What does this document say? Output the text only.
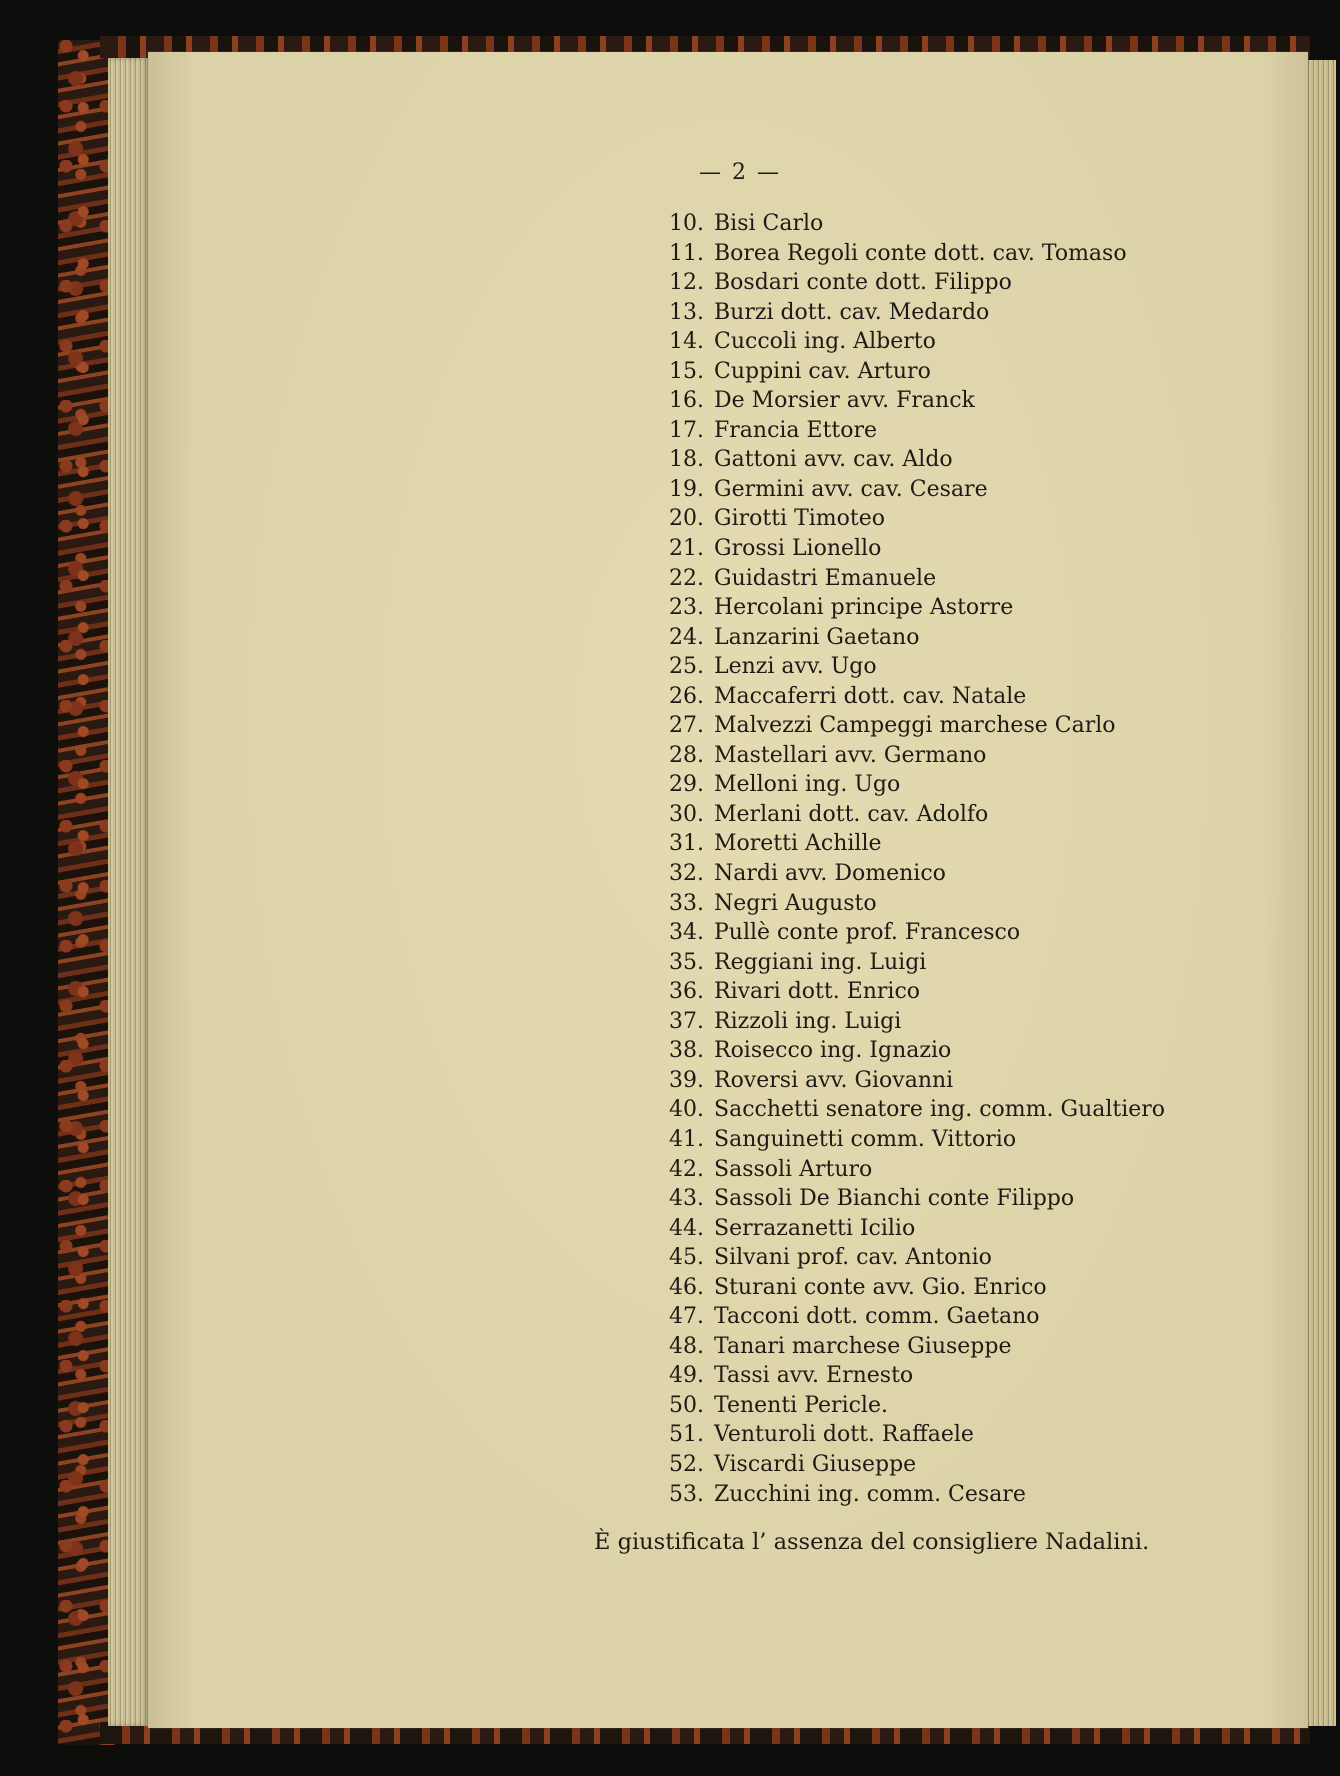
— 2 —
10. Bisi Carlo
11. Borea Regoli conte dott. cav. Tomaso
12. Bosdari conte dott. Filippo
13. Burzi dott. cav. Medardo
14. Cuccoli ing. Alberto
15. Cuppini cav. Arturo
16. De Morsier avv. Franck
17. Francia Ettore
18. Gattoni avv. cav. Aldo
19. Germini avv. cav. Cesare
20. Girotti Timoteo
21. Grossi Lionello
22. Guidastri Emanuele
23. Hercolani principe Astorre
24. Lanzarini Gaetano
25. Lenzi avv. Ugo
26. Maccaferri dott. cav. Natale
27. Malvezzi Campeggi marchese Carlo
28. Mastellari avv. Germano
29. Melloni ing. Ugo
30. Merlani dott. cav. Adolfo
31. Moretti Achille
32. Nardi avv. Domenico
33. Negri Augusto
34. Pullè conte prof. Francesco
35. Reggiani ing. Luigi
36. Rivari dott. Enrico
37. Rizzoli ing. Luigi
38. Roisecco ing. Ignazio
39. Roversi avv. Giovanni
40. Sacchetti senatore ing. comm. Gualtiero
41. Sanguinetti comm. Vittorio
42. Sassoli Arturo
43. Sassoli De Bianchi conte Filippo
44. Serrazanetti Icilio
45. Silvani prof. cav. Antonio
46. Sturani conte avv. Gio. Enrico
47. Tacconi dott. comm. Gaetano
48. Tanari marchese Giuseppe
49. Tassi avv. Ernesto
50. Tenenti Pericle.
51. Venturoli dott. Raffaele
52. Viscardi Giuseppe
53. Zucchini ing. comm. Cesare
È giustificata l’ assenza del consigliere Nadalini.
